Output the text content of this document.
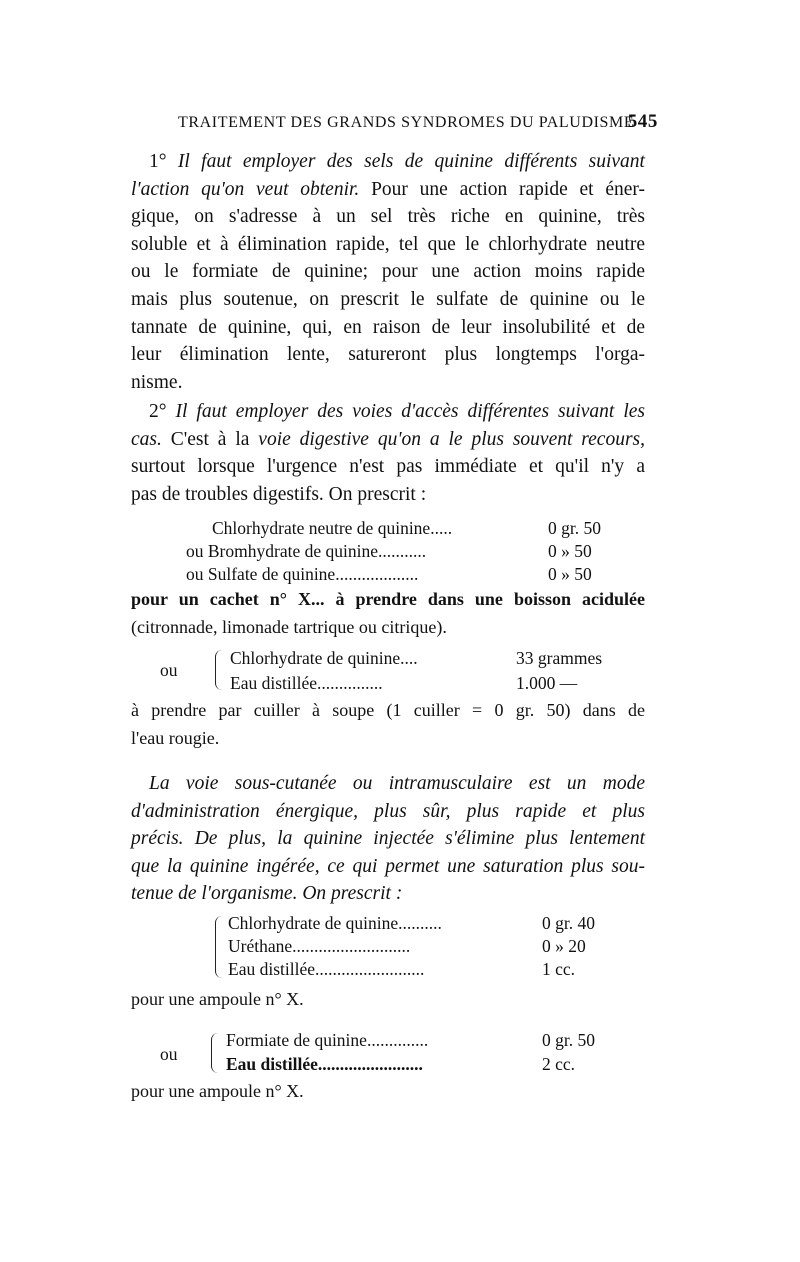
TRAITEMENT DES GRANDS SYNDROMES DU PALUDISME
545
1° Il faut employer des sels de quinine différents suivant
l'action qu'on veut obtenir. Pour une action rapide et éner-
gique, on s'adresse à un sel très riche en quinine, très
soluble et à élimination rapide, tel que le chlorhydrate neutre
ou le formiate de quinine; pour une action moins rapide
mais plus soutenue, on prescrit le sulfate de quinine ou le
tannate de quinine, qui, en raison de leur insolubilité et de
leur élimination lente, satureront plus longtemps l'orga-
nisme.
2° Il faut employer des voies d'accès différentes suivant les
cas. C'est à la voie digestive qu'on a le plus souvent recours,
surtout lorsque l'urgence n'est pas immédiate et qu'il n'y a
pas de troubles digestifs. On prescrit :
Chlorhydrate neutre de quinine.....	0 gr. 50
ou Bromhydrate de quinine...........	0 » 50
ou Sulfate de quinine...................	0 » 50
pour un cachet n° X... à prendre dans une boisson acidulée
(citronnade, limonade tartrique ou citrique).
ou
Chlorhydrate de quinine....	33 grammes
Eau distillée...............	1.000 —
à prendre par cuiller à soupe (1 cuiller = 0 gr. 50) dans de
l'eau rougie.
La voie sous-cutanée ou intramusculaire est un mode
d'administration énergique, plus sûr, plus rapide et plus
précis. De plus, la quinine injectée s'élimine plus lentement
que la quinine ingérée, ce qui permet une saturation plus sou-
tenue de l'organisme. On prescrit :
Chlorhydrate de quinine..........	0 gr. 40
Uréthane...........................	0 » 20
Eau distillée.........................	1 cc.
pour une ampoule n° X.
ou
Formiate de quinine..............	0 gr. 50
Eau distillée........................	2 cc.
pour une ampoule n° X.
